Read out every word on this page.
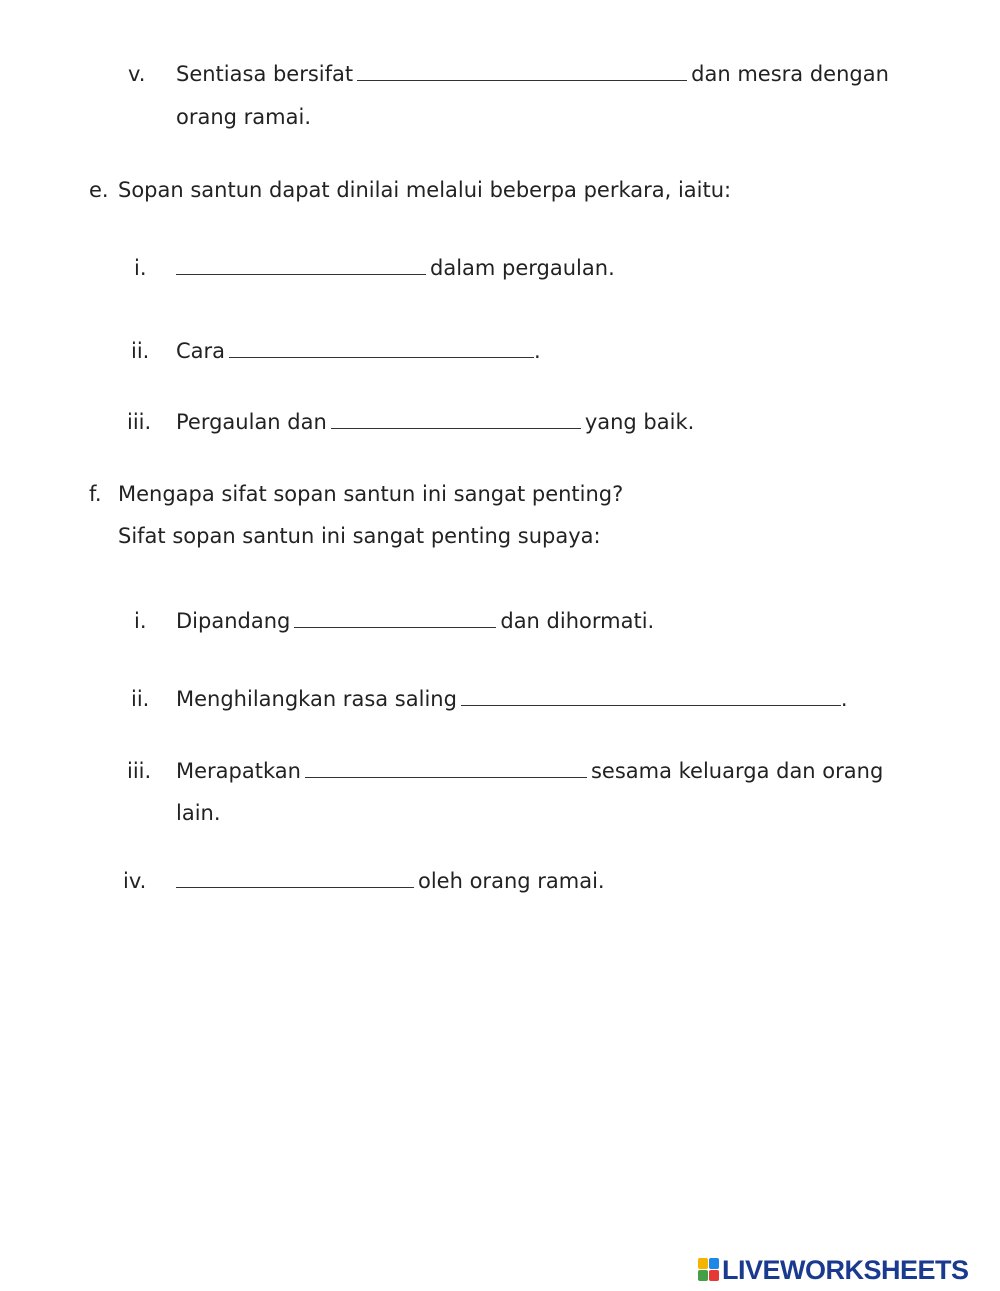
v. Sentiasa bersifat	dan mesra dengan
orang ramai.
e. Sopan santun dapat dinilai melalui beberpa perkara, iaitu:
i.	dalam pergaulan.
ii. Cara	.
iii. Pergaulan dan	yang baik.
f. Mengapa sifat sopan santun ini sangat penting?
Sifat sopan santun ini sangat penting supaya:
i. Dipandang	dan dihormati.
ii. Menghilangkan rasa saling	.
iii. Merapatkan	sesama keluarga dan orang
lain.
iv.	oleh orang ramai.
LIVEWORKSHEETS
